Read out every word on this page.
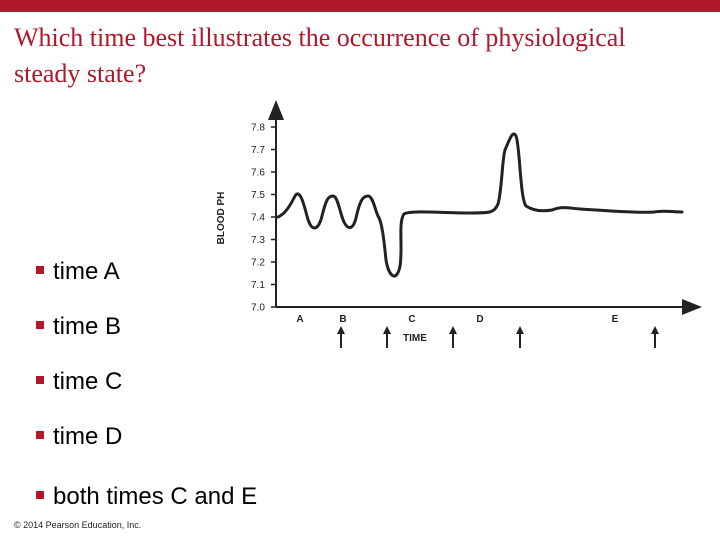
Which time best illustrates the occurrence of physiological steady state?
7.0
7.1
7.2
7.3
7.4
7.5
7.6
7.7
7.8
BLOOD PH
A	B	C	D	E
TIME
time A
time B
time C
time D
both times C and E
© 2014 Pearson Education, Inc.
